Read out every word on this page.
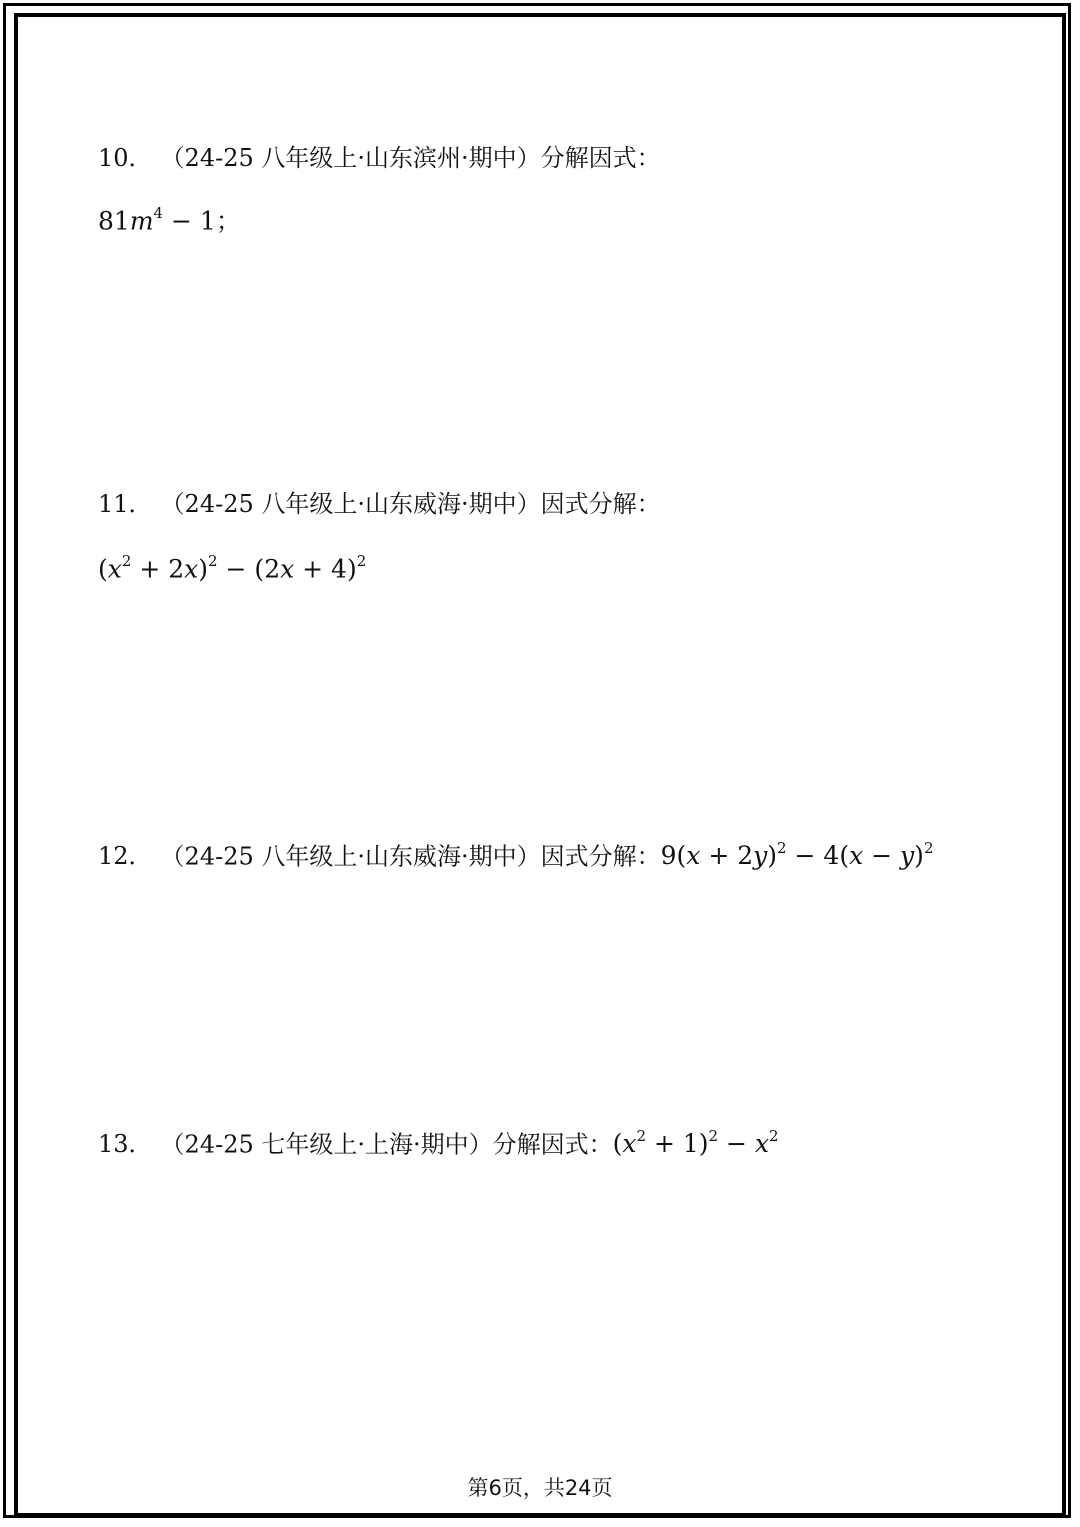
10． （24-25 八年级上·山东滨州·期中）分解因式：
$81m^4 - 1$；
11． （24-25 八年级上·山东威海·期中）因式分解：
$(x^2 + 2x)^2 - (2x + 4)^2$
12． （24-25 八年级上·山东威海·期中）因式分解：$9(x + 2y)^2 - 4(x - y)^2$
13． （24-25 七年级上·上海·期中）分解因式：$(x^2 + 1)^2 - x^2$
第6页，共24页
